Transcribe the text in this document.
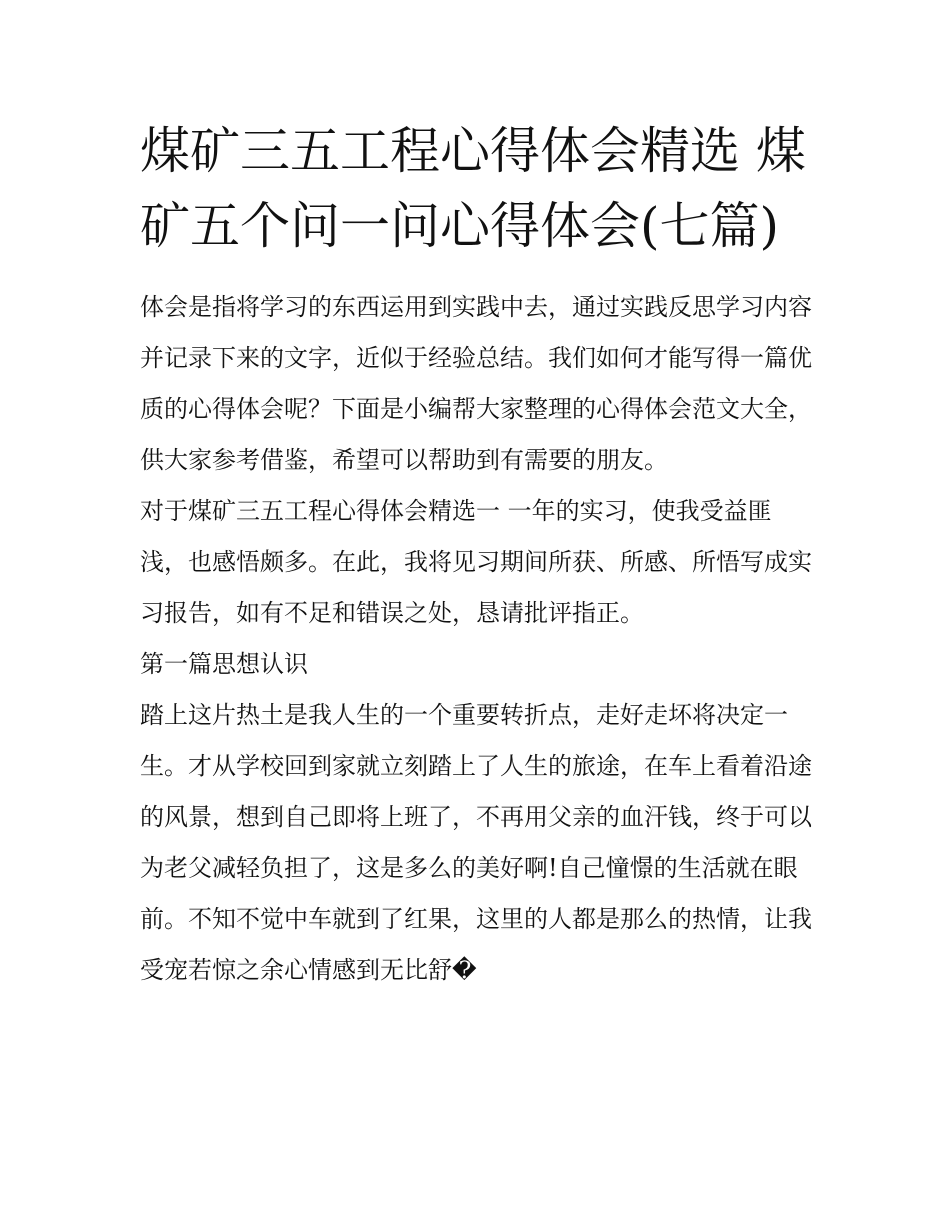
煤矿三五工程心得体会精选 煤矿五个问一问心得体会(七篇)

体会是指将学习的东西运用到实践中去，通过实践反思学习内容并记录下来的文字，近似于经验总结。我们如何才能写得一篇优质的心得体会呢？下面是小编帮大家整理的心得体会范文大全，供大家参考借鉴，希望可以帮助到有需要的朋友。

对于煤矿三五工程心得体会精选一 一年的实习，使我受益匪浅，也感悟颇多。在此，我将见习期间所获、所感、所悟写成实习报告，如有不足和错误之处，恳请批评指正。

第一篇思想认识

踏上这片热土是我人生的一个重要转折点，走好走坏将决定一生。才从学校回到家就立刻踏上了人生的旅途，在车上看着沿途的风景，想到自己即将上班了，不再用父亲的血汗钱，终于可以为老父减轻负担了，这是多么的美好啊!自己憧憬的生活就在眼前。不知不觉中车就到了红果，这里的人都是那么的热情，让我受宠若惊之余心情感到无比舒�
